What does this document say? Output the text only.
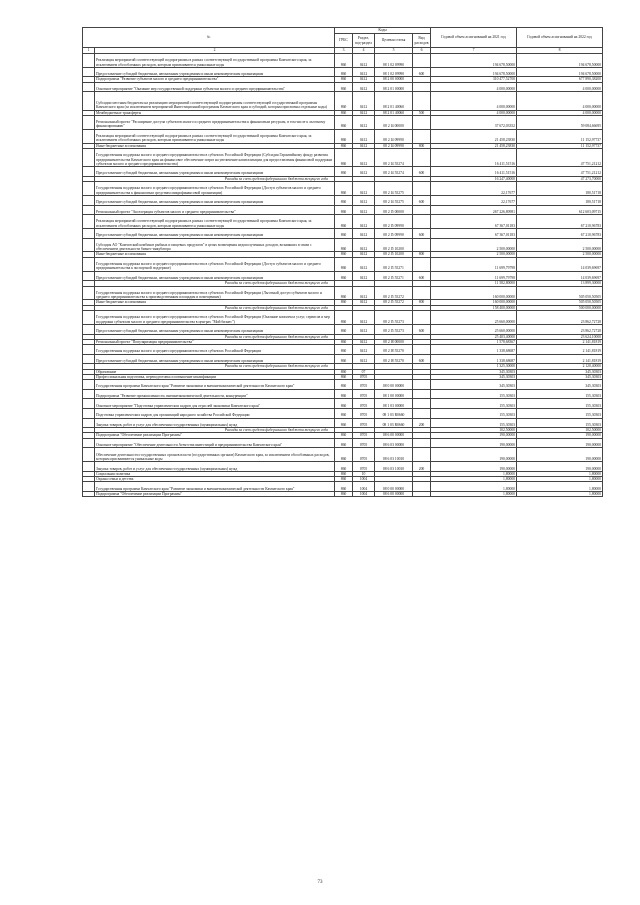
№		Коды				Годовой объем ассигнований на 2021 год	Годовой объем ассигнований на 2022 год
		ГРБС	Раздел, под-раздел	Целевая статья	Вид расходов		
1	2	3	4	5	6	7	8
	Реализация мероприятий соответствующей подпрограммы в рамках соответствующей государственной программы Камчатского края, за исключением обособленных расходов, которым присваиваются уникальные коды	860	0412	08 1 02 09990		194 678,50000	194 678,50000
	Предоставление субсидий бюджетным, автономным учреждениям и иным некоммерческим организациям	860	0412	08 1 02 09990	600	194 678,50000	194 678,50000
	Подпрограмма "Развитие субъектов малого и среднего предпринимательства"	860	0412	08 2 00 00000		310 477,52700	677 890,38200
	Основное мероприятие "Оказание мер государственной поддержки субъектам малого и среднего предпринимательства"	860	0412	08 2 01 00000		4 000,00000	4 000,00000
	Субсидии местным бюджетам на реализацию мероприятий соответствующей подпрограммы соответствующей государственной программы Камчатского края (за исключением мероприятий Инвестиционной программы Камчатского края и субсидий, которым присвоены отдельные коды)	860	0412	08 2 01 40060		4 000,00000	4 000,00000
	Межбюджетные трансферты	860	0412	08 2 01 40060	500	4 000,00000	4 000,00000
	Региональный проект "Расширение доступа субъектов малого и среднего предпринимательства к финансовым ресурсам, в том числе к льготному финансированию"	860	0412	08 2 I4 00000		37 672,03352	59 084,66695
	Реализация мероприятий соответствующей подпрограммы в рамках соответствующей государственной программы Камчатского края, за исключением обособленных расходов, которым присваиваются уникальные коды	860	0412	08 2 I4 09990		21 458,23830	11 152,97737
	Иные бюджетные ассигнования	860	0412	08 2 I4 09990	800	21 458,23830	11 152,97737
	Государственная поддержка малого и среднего предпринимательства в субъектах Российской Федерации (Субсидия Гарантийному фонду развития предпринимательства Камчатского края на финансовое обеспечение затрат на увеличение капитализации для предоставления финансовой поддержки субъектам малого и среднего предпринимательства)	860	0412	08 2 I4 55274		16 411,51516	47 751,21212
	Предоставление субсидий бюджетным, автономным учреждениям и иным некоммерческим организациям	860	0412	08 2 I4 55274	600	16 411,51516	47 751,21212
	Расходы за счет средств федерального бюджета текущего года					16 247,40000	47 273,70000
	Государственная поддержка малого и среднего предпринимательства в субъектах Российской Федерации (Доступ субъектов малого и среднего предпринимательства к финансовым средствам микрофинансовой организации)	860	0412	08 2 I4 55275		22,17677	180,51718
	Предоставление субсидий бюджетным, автономным учреждениям и иным некоммерческим организациям	860	0412	08 2 I4 55275	600	22,17677	180,51718
	Региональный проект "Акселерация субъектов малого и среднего предпринимательства"	860	0412	08 2 I5 00000		267 226,80981	612 603,09715
	Реализация мероприятий соответствующей подпрограммы в рамках соответствующей государственной программы Камчатского края, за исключением обособленных расходов, которым присваиваются уникальные коды	860	0412	08 2 I5 09990		67 367,01183	67 210,96783
	Предоставление субсидий бюджетным, автономным учреждениям и иным некоммерческим организациям	860	0412	08 2 I5 09990	600	67 367,01183	67 210,96783
	Субсидия АО "Камчатский комбинат рыбных и пищевых продуктов" в целях возмещения недополученных доходов, возникших в связи с обеспечением деятельности бизнес-инкубатора	860	0412	08 2 I5 10200		2 500,00000	2 500,00000
	Иные бюджетные ассигнования	860	0412	08 2 I5 10200	800	2 500,00000	2 500,00000
	Государственная поддержка малого и среднего предпринимательства в субъектах Российской Федерации (Доступ субъектов малого и среднего предпринимательства к экспортной поддержке)	860	0412	08 2 I5 55271		11 699,79798	14 039,69697
	Предоставление субсидий бюджетным, автономным учреждениям и иным некоммерческим организациям	860	0412	08 2 I5 55271	600	11 699,79798	14 039,69697
	Расходы за счет средств федерального бюджета текущего года					11 582,80000	13 899,30000
	Государственная поддержка малого и среднего предпринимательства в субъектах Российской Федерации (Льготный доступ субъектов малого и среднего предпринимательства к производственным площадям и помещениям)	860	0412	08 2 I5 55272		160 000,00000	505 050,50505
	Иные бюджетные ассигнования	860	0412	08 2 I5 55272	800	160 000,00000	505 050,50505
	Расходы за счет средств федерального бюджета текущего года					158 400,00000	500 000,00000
	Государственная поддержка малого и среднего предпринимательства в субъектах Российской Федерации (Оказание комплекса услуг, сервисов и мер поддержки субъектам малого и среднего предпринимательства в центрах "Мой бизнес")	860	0412	08 2 I5 55273		25 660,00000	23 862,72728
	Предоставление субсидий бюджетным, автономным учреждениям и иным некоммерческим организациям	860	0412	08 2 I5 55273	600	25 660,00000	23 862,72728
	Расходы за счет средств федерального бюджета текущего года					25 403,40000	23 624,10000
	Региональный проект "Популяризация предпринимательства"	860	0412	08 2 I8 00000		1 578,68367	2 141,81819
	Государственная поддержка малого и среднего предпринимательства в субъектах Российской Федерации	860	0412	08 2 I8 55270		1 338,68687	2 141,81819
	Предоставление субсидий бюджетным, автономным учреждениям и иным некоммерческим организациям	860	0412	08 2 I8 55270	600	1 338,68687	2 141,81819
	Расходы за счет средств федерального бюджета текущего года					1 325,30000	2 120,40000
	Образование	860	07			345,30303	345,30303
	Профессиональная подготовка, переподготовка и повышение квалификации	860	0705			345,30303	345,30303
	Государственная программа Камчатского края "Развитие экономики и внешнеэкономической деятельности Камчатского края"	860	0705	08 0 00 00000		345,30303	345,30303
	Подпрограмма "Развитие промышленности, внешнеэкономической деятельности, конкуренции"	860	0705	08 1 00 00000		155,30303	155,30303
	Основное мероприятие "Подготовка управленческих кадров для отраслей экономики Камчатского края"	860	0705	08 1 03 00000		155,30303	155,30303
	Подготовка управленческих кадров для организаций народного хозяйства Российской Федерации	860	0705	08 1 03 R0660		155,30303	155,30303
	Закупка товаров, работ и услуг для обеспечения государственных (муниципальных) нужд	860	0705	08 1 03 R0660	200	155,30303	155,30303
	Расходы за счет средств федерального бюджета текущего года					102,50000	102,50000
	Подпрограмма "Обеспечение реализации Программы"	860	0705	08 6 00 00000		190,00000	190,00000
	Основное мероприятие "Обеспечение деятельности Агентства инвестиций и предпринимательства Камчатского края"	860	0705	08 6 03 00000		190,00000	190,00000
	Обеспечение деятельности государственных органов власти (государственных органов) Камчатского края, за исключением обособленных расходов, которым присваиваются уникальные коды	860	0705	08 6 03 10010		190,00000	190,00000
	Закупка товаров, работ и услуг для обеспечения государственных (муниципальных) нужд	860	0705	08 6 03 10010	200	190,00000	190,00000
	Социальная политика	860	10			1,80000	1,80000
	Охрана семьи и детства	860	1004			1,80000	1,80000
	Государственная программа Камчатского края "Развитие экономики и внешнеэкономической деятельности Камчатского края"	860	1004	08 0 00 00000		1,80000	1,80000
	Подпрограмма "Обеспечение реализации Программы"	860	1004	08 6 00 00000		1,80000	1,80000
73
